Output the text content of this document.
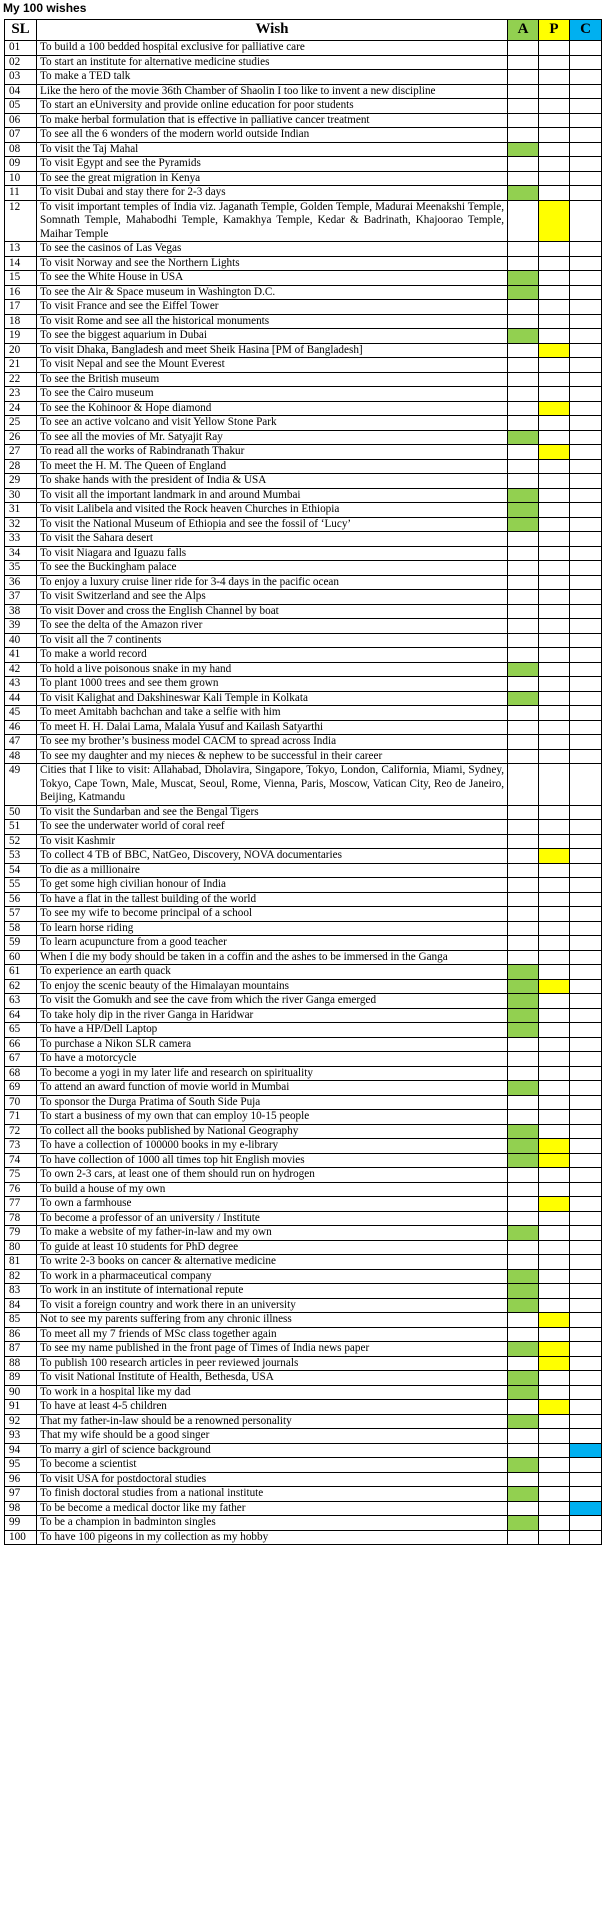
My 100 wishes
SL	Wish	A	P	C
01	To build a 100 bedded hospital exclusive for palliative care			
02	To start an institute for alternative medicine studies			
03	To make a TED talk			
04	Like the hero of the movie 36th Chamber of Shaolin I too like to invent a new discipline			
05	To start an eUniversity and provide online education for poor students			
06	To make herbal formulation that is effective in palliative cancer treatment			
07	To see all the 6 wonders of the modern world outside Indian			
08	To visit the Taj Mahal			
09	To visit Egypt and see the Pyramids			
10	To see the great migration in Kenya			
11	To visit Dubai and stay there for 2-3 days			
12	To visit important temples of India viz. Jaganath Temple, Golden Temple, Madurai Meenakshi Temple, Somnath Temple, Mahabodhi Temple, Kamakhya Temple, Kedar & Badrinath, Khajoorao Temple, Maihar Temple			
13	To see the casinos of Las Vegas			
14	To visit Norway and see the Northern Lights			
15	To see the White House in USA			
16	To see the Air & Space museum in Washington D.C.			
17	To visit France and see the Eiffel Tower			
18	To visit Rome and see all the historical monuments			
19	To see the biggest aquarium in Dubai			
20	To visit Dhaka, Bangladesh and meet Sheik Hasina [PM of Bangladesh]			
21	To visit Nepal and see the Mount Everest			
22	To see the British museum			
23	To see the Cairo museum			
24	To see the Kohinoor & Hope diamond			
25	To see an active volcano and visit Yellow Stone Park			
26	To see all the movies of Mr. Satyajit Ray			
27	To read all the works of Rabindranath Thakur			
28	To meet the H. M. The Queen of England			
29	To shake hands with the president of India & USA			
30	To visit all the important landmark in and around Mumbai			
31	To visit Lalibela and visited the Rock heaven Churches in Ethiopia			
32	To visit the National Museum of Ethiopia and see the fossil of ‘Lucy’			
33	To visit the Sahara desert			
34	To visit Niagara and Iguazu falls			
35	To see the Buckingham palace			
36	To enjoy a luxury cruise liner ride for 3-4 days in the pacific ocean			
37	To visit Switzerland and see the Alps			
38	To visit Dover and cross the English Channel by boat			
39	To see the delta of the Amazon river			
40	To visit all the 7 continents			
41	To make a world record			
42	To hold a live poisonous snake in my hand			
43	To plant 1000 trees and see them grown			
44	To visit Kalighat and Dakshineswar Kali Temple in Kolkata			
45	To meet Amitabh bachchan and take a selfie with him			
46	To meet H. H. Dalai Lama, Malala Yusuf and Kailash Satyarthi			
47	To see my brother’s business model CACM to spread across India			
48	To see my daughter and my nieces & nephew to be successful in their career			
49	Cities that I like to visit: Allahabad, Dholavira, Singapore, Tokyo, London, California, Miami, Sydney, Tokyo, Cape Town, Male, Muscat, Seoul, Rome, Vienna, Paris, Moscow, Vatican City, Reo de Janeiro, Beijing, Katmandu			
50	To visit the Sundarban and see the Bengal Tigers			
51	To see the underwater world of coral reef			
52	To visit Kashmir			
53	To collect 4 TB of BBC, NatGeo, Discovery, NOVA documentaries			
54	To die as a millionaire			
55	To get some high civilian honour of India			
56	To have a flat in the tallest building of the world			
57	To see my wife to become principal of a school			
58	To learn horse riding			
59	To learn acupuncture from a good teacher			
60	When I die my body should be taken in a coffin and the ashes to be immersed in the Ganga			
61	To experience an earth quack			
62	To enjoy the scenic beauty of the Himalayan mountains			
63	To visit the Gomukh and see the cave from which the river Ganga emerged			
64	To take holy dip in the river Ganga in Haridwar			
65	To have a HP/Dell Laptop			
66	To purchase a Nikon SLR camera			
67	To have a motorcycle			
68	To become a yogi in my later life and research on spirituality			
69	To attend an award function of movie world in Mumbai			
70	To sponsor the Durga Pratima of South Side Puja			
71	To start a business of my own that can employ 10-15 people			
72	To collect all the books published by National Geography			
73	To have a collection of 100000 books in my e-library			
74	To have collection of 1000 all times top hit English movies			
75	To own 2-3 cars, at least one of them should run on hydrogen			
76	To build a house of my own			
77	To own a farmhouse			
78	To become a professor of an university / Institute			
79	To make a website of my father-in-law and my own			
80	To guide at least 10 students for PhD degree			
81	To write 2-3 books on cancer & alternative medicine			
82	To work in a pharmaceutical company			
83	To work in an institute of international repute			
84	To visit a foreign country and work there in an university			
85	Not to see my parents suffering from any chronic illness			
86	To meet all my 7 friends of MSc class together again			
87	To see my name published in the front page of Times of India news paper			
88	To publish 100 research articles in peer reviewed journals			
89	To visit National Institute of Health, Bethesda, USA			
90	To work in a hospital like my dad			
91	To have at least 4-5 children			
92	That my father-in-law should be a renowned personality			
93	That my wife should be a good singer			
94	To marry a girl of science background			
95	To become a scientist			
96	To visit USA for postdoctoral studies			
97	To finish doctoral studies from a national institute			
98	To be become a medical doctor like my father			
99	To be a champion in badminton singles			
100	To have 100 pigeons in my collection as my hobby			
